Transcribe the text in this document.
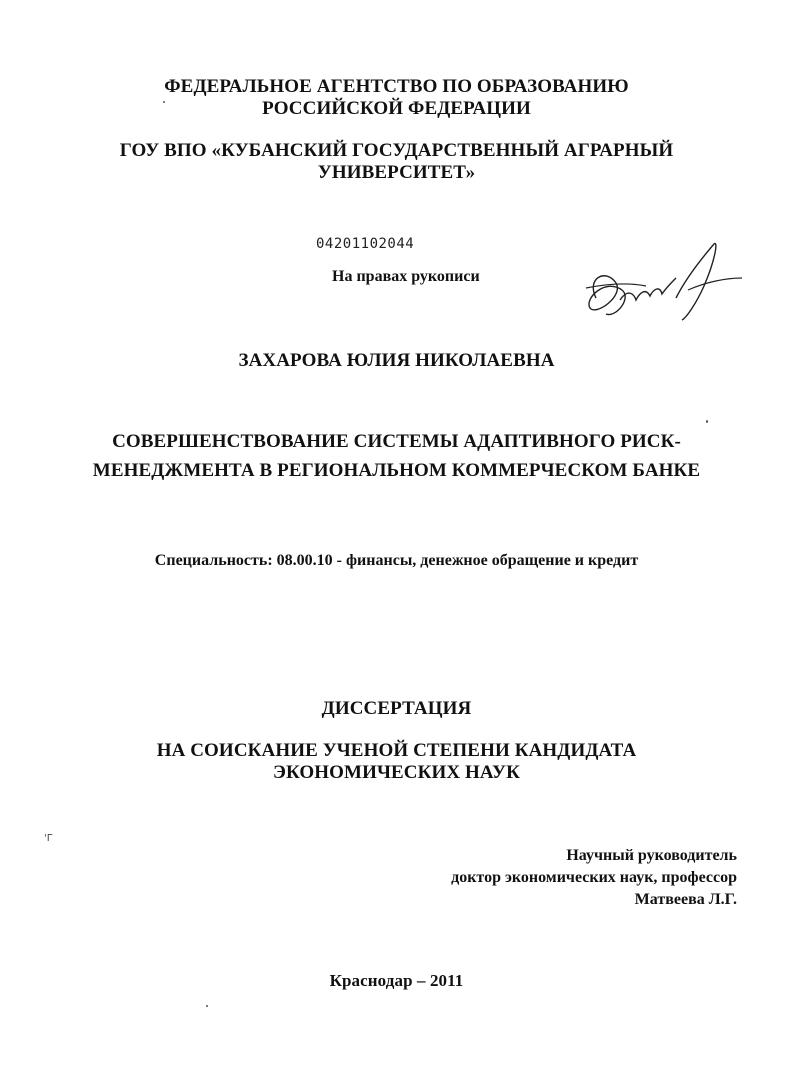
ФЕДЕРАЛЬНОЕ АГЕНТСТВО ПО ОБРАЗОВАНИЮ
РОССИЙСКОЙ ФЕДЕРАЦИИ
ГОУ ВПО «КУБАНСКИЙ ГОСУДАРСТВЕННЫЙ АГРАРНЫЙ
УНИВЕРСИТЕТ»
04201102044
На правах рукописи
ЗАХАРОВА ЮЛИЯ НИКОЛАЕВНА
СОВЕРШЕНСТВОВАНИЕ СИСТЕМЫ АДАПТИВНОГО РИСК-
МЕНЕДЖМЕНТА В РЕГИОНАЛЬНОМ КОММЕРЧЕСКОМ БАНКЕ
Специальность: 08.00.10 - финансы, денежное обращение и кредит
ДИССЕРТАЦИЯ
НА СОИСКАНИЕ УЧЕНОЙ СТЕПЕНИ КАНДИДАТА
ЭКОНОМИЧЕСКИХ НАУК
Научный руководитель
доктор экономических наук, профессор
Матвеева Л.Г.
Краснодар – 2011
'Г
